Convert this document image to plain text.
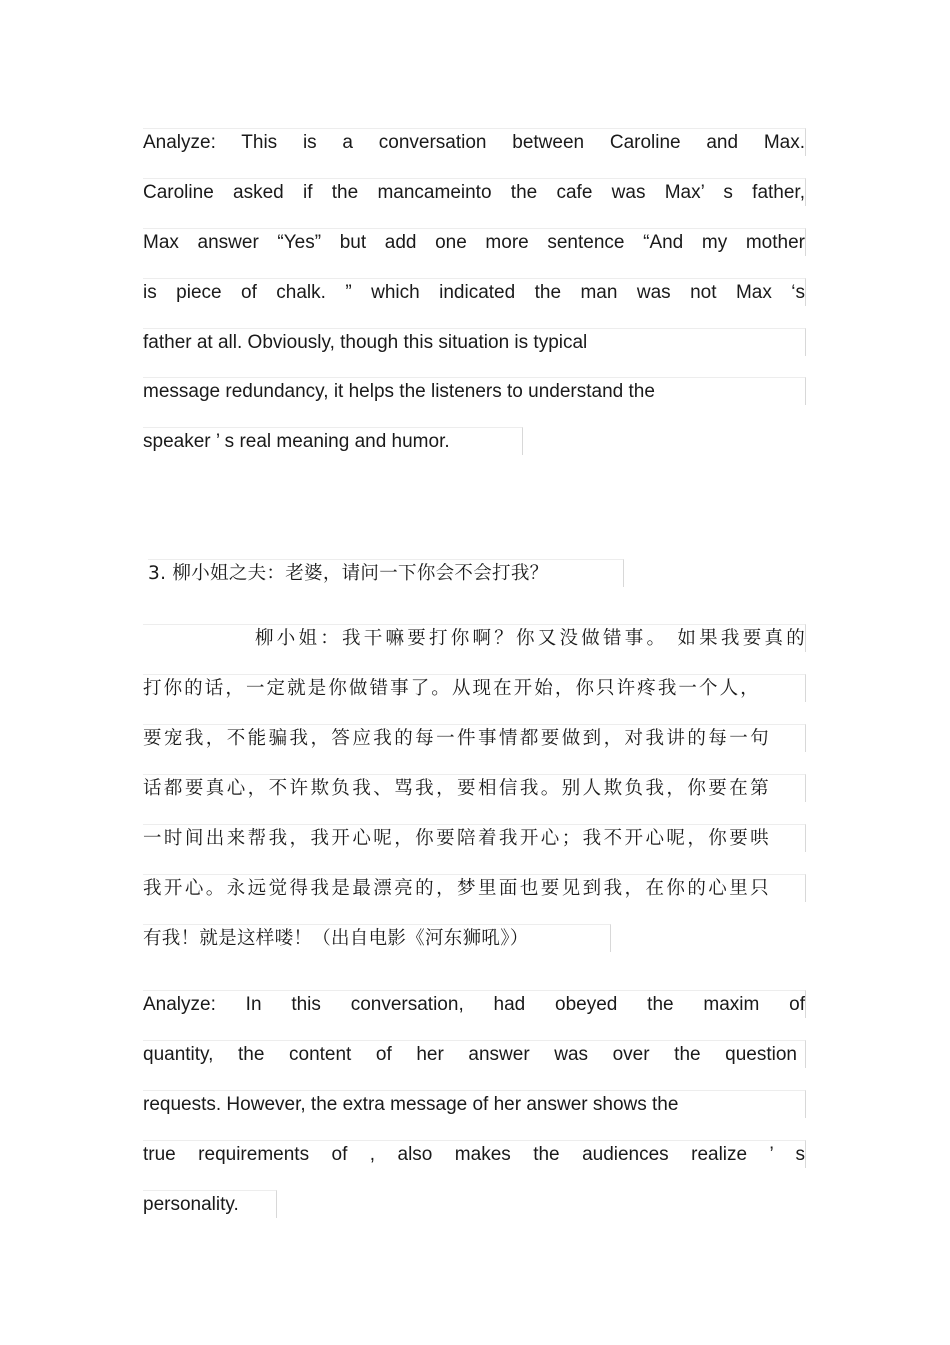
Analyze: This is a conversation between Caroline and Max.
Caroline asked if the mancameinto the cafe was Max’ s father,
Max answer “Yes” but add one more sentence “And my mother
is piece of chalk. ” which indicated the man was not Max ‘s
father at all. Obviously, though this situation is typical
message redundancy, it helps the listeners to understand the
speaker ’ s real meaning and humor.
3. 柳小姐之夫：老婆，请问一下你会不会打我？
柳小姐：我干嘛要打你啊？你又没做错事。 如果我要真的
打你的话，一定就是你做错事了。从现在开始，你只许疼我一个人，
要宠我，不能骗我，答应我的每一件事情都要做到，对我讲的每一句
话都要真心，不许欺负我、骂我，要相信我。别人欺负我，你要在第
一时间出来帮我，我开心呢，你要陪着我开心；我不开心呢，你要哄
我开心。永远觉得我是最漂亮的，梦里面也要见到我，在你的心里只
有我！就是这样喽！（出自电影《河东狮吼》）
Analyze: In this conversation, had obeyed the maxim of
quantity, the content of her answer was over the question
requests. However, the extra message of her answer shows the
true requirements of , also makes the audiences realize ’ s
personality.
